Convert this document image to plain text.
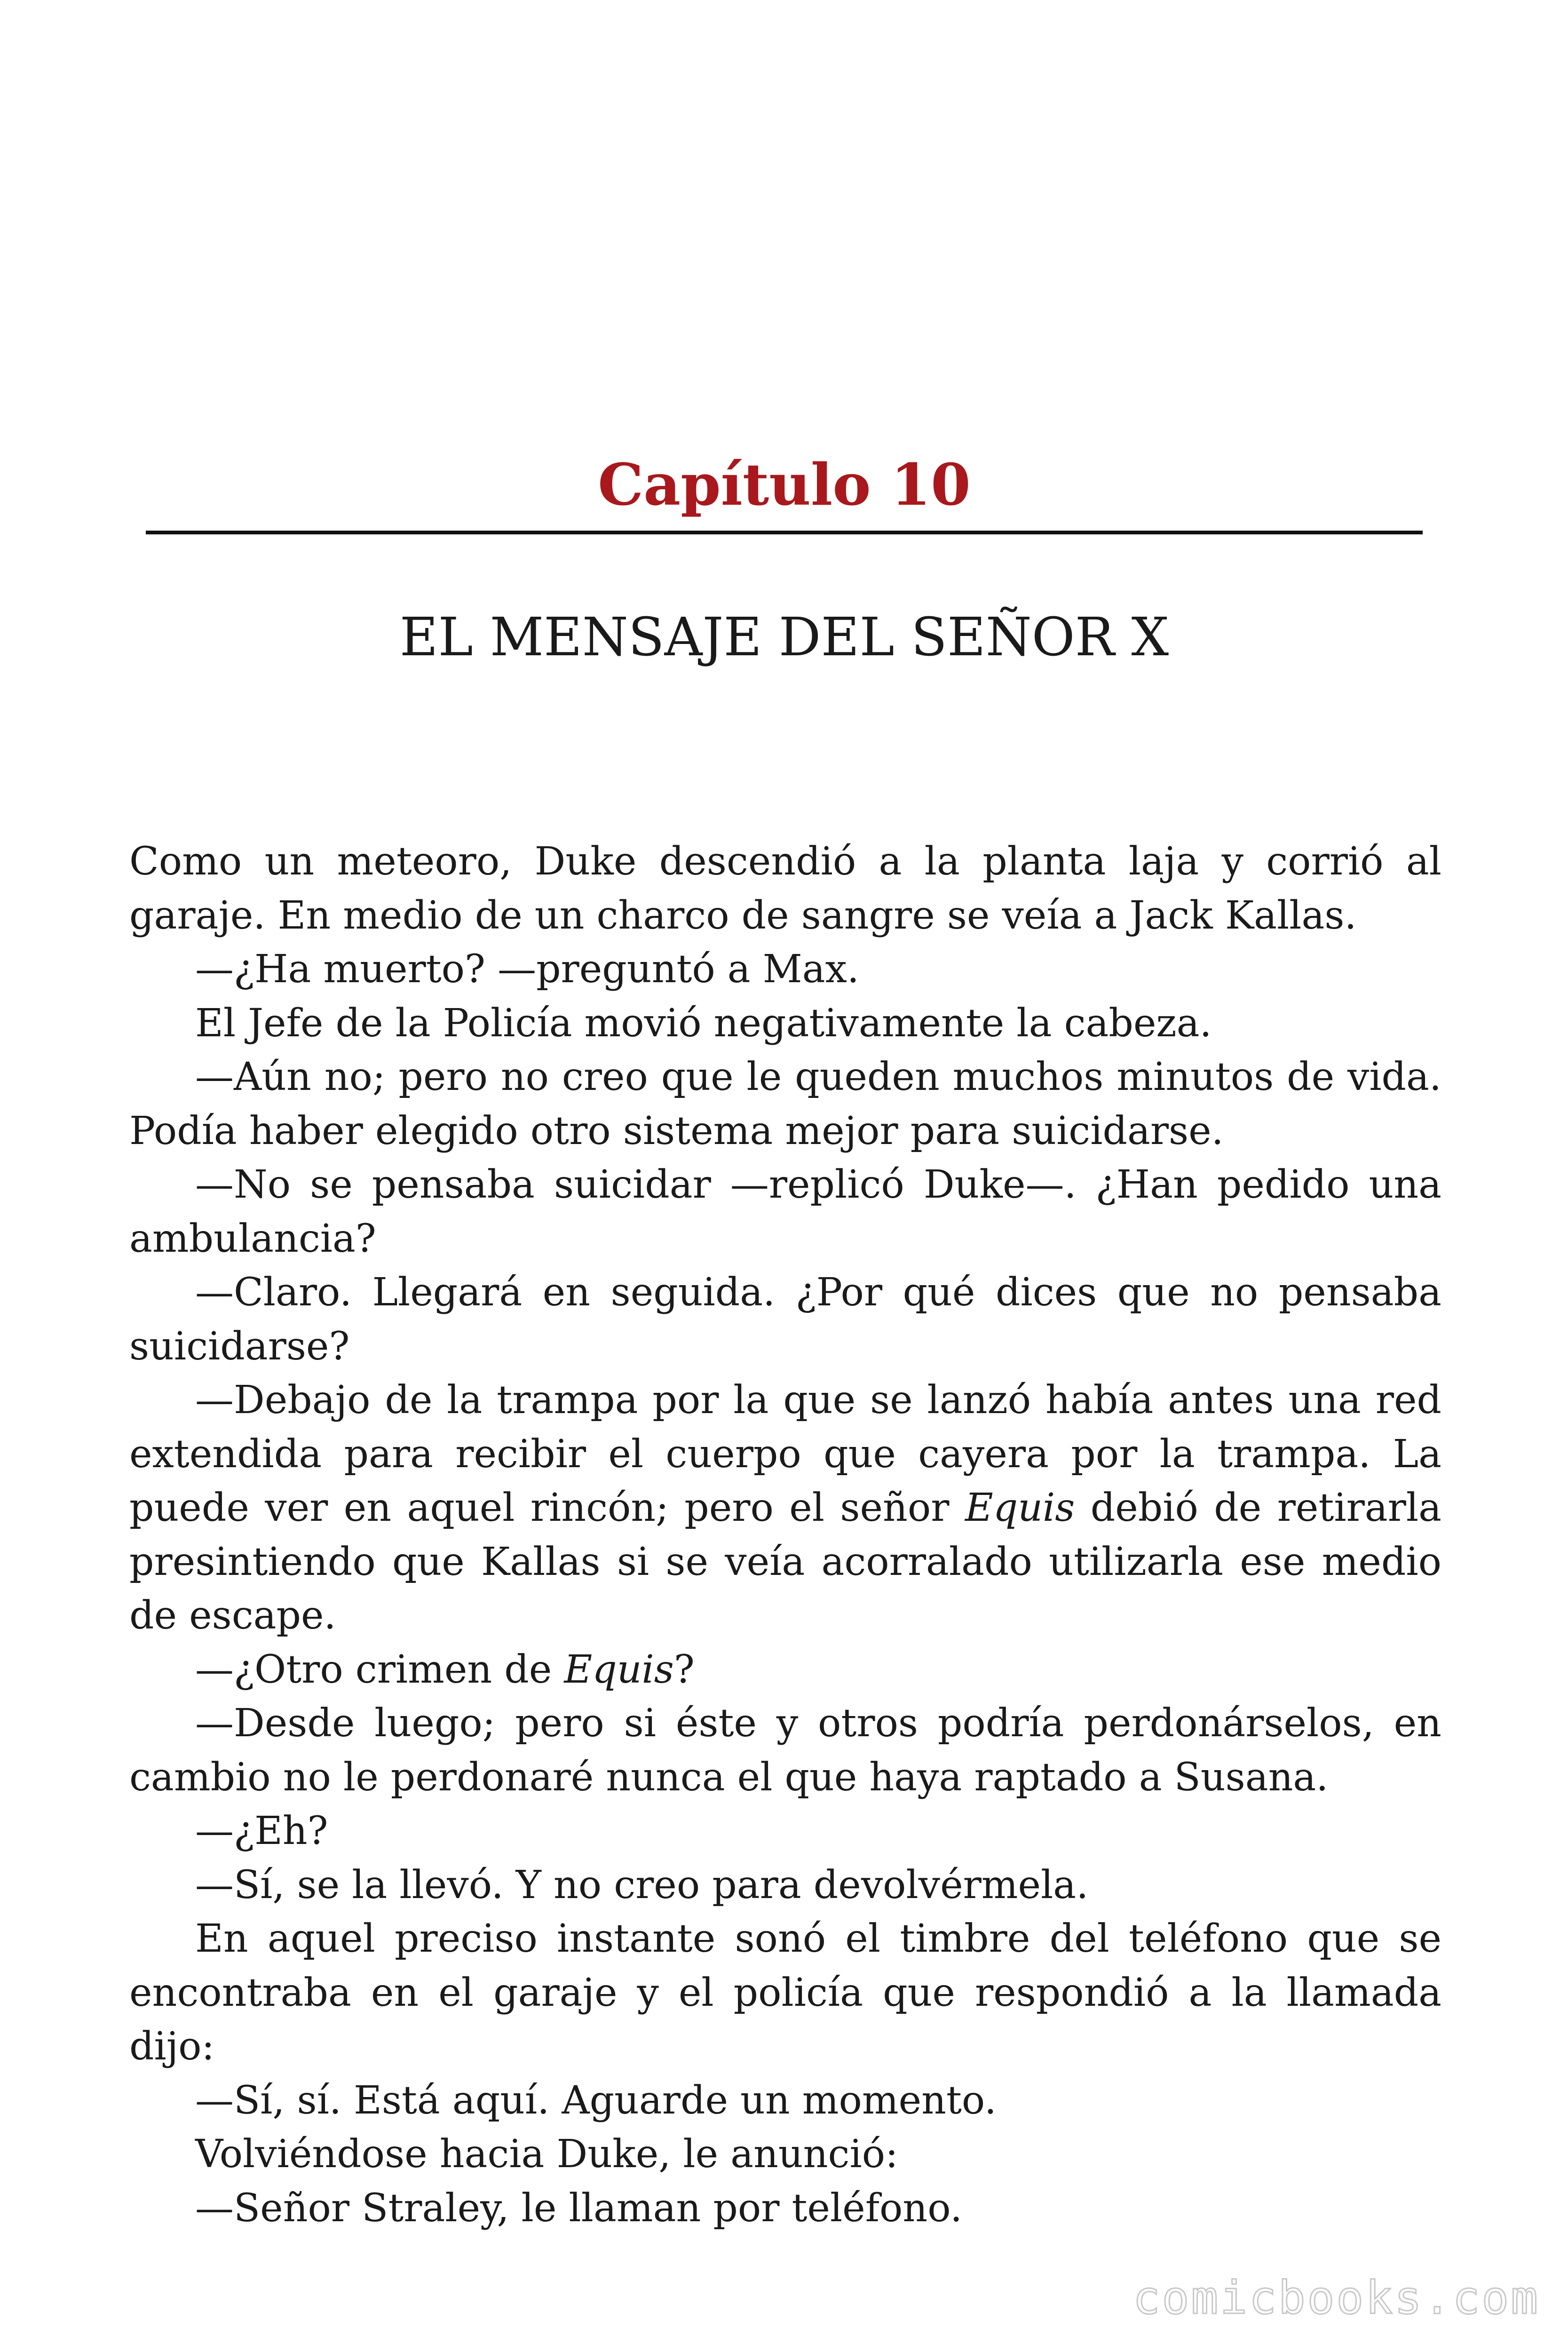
Capítulo 10
EL MENSAJE DEL SEÑOR X

Como un meteoro, Duke descendió a la planta laja y corrió al garaje. En medio de un charco de sangre se veía a Jack Kallas.

—¿Ha muerto? —preguntó a Max.

El Jefe de la Policía movió negativamente la cabeza.

—Aún no; pero no creo que le queden muchos minutos de vida. Podía haber elegido otro sistema mejor para suicidarse.

—No se pensaba suicidar —replicó Duke—. ¿Han pedido una ambulancia?

—Claro. Llegará en seguida. ¿Por qué dices que no pensaba suicidarse?

—Debajo de la trampa por la que se lanzó había antes una red extendida para recibir el cuerpo que cayera por la trampa. La puede ver en aquel rincón; pero el señor Equis debió de retirarla presintiendo que Kallas si se veía acorralado utilizarla ese medio de escape.

—¿Otro crimen de Equis?

—Desde luego; pero si éste y otros podría perdonárselos, en cambio no le perdonaré nunca el que haya raptado a Susana.

—¿Eh?

—Sí, se la llevó. Y no creo para devolvérmela.

En aquel preciso instante sonó el timbre del teléfono que se encontraba en el garaje y el policía que respondió a la llamada dijo:

—Sí, sí. Está aquí. Aguarde un momento.

Volviéndose hacia Duke, le anunció:

—Señor Straley, le llaman por teléfono.

comicbooks.com
